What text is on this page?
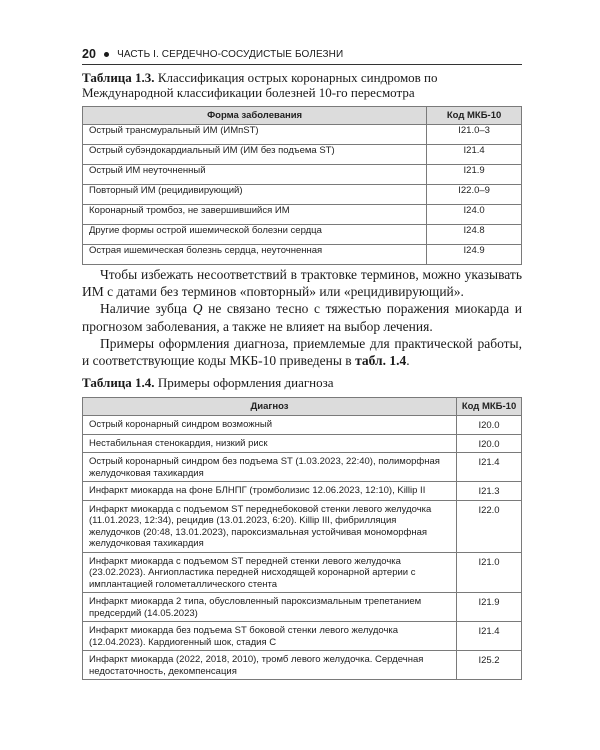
20 ЧАСТЬ I. СЕРДЕЧНО-СОСУДИСТЫЕ БОЛЕЗНИ
Таблица 1.3. Классификация острых коронарных синдромов по Международной классификации болезней 10-го пересмотра
Форма заболевания	Код МКБ-10
Острый трансмуральный ИМ (ИМпST)	I21.0–3
Острый субэндокардиальный ИМ (ИМ без подъема ST)	I21.4
Острый ИМ неуточненный	I21.9
Повторный ИМ (рецидивирующий)	I22.0–9
Коронарный тромбоз, не завершившийся ИМ	I24.0
Другие формы острой ишемической болезни сердца	I24.8
Острая ишемическая болезнь сердца, неуточненная	I24.9

Чтобы избежать несоответствий в трактовке терминов, можно указывать ИМ с датами без терминов «повторный» или «рецидивирующий».

Наличие зубца Q не связано тесно с тяжестью поражения миокарда и прогнозом заболевания, а также не влияет на выбор лечения.

Примеры оформления диагноза, приемлемые для практической работы, и соответствующие коды МКБ-10 приведены в табл. 1.4.

Таблица 1.4. Примеры оформления диагноза
Диагноз	Код МКБ-10
Острый коронарный синдром возможный	I20.0
Нестабильная стенокардия, низкий риск	I20.0
Острый коронарный синдром без подъема ST (1.03.2023, 22:40), полиморфная желудочковая тахикардия	I21.4
Инфаркт миокарда на фоне БЛНПГ (тромболизис 12.06.2023, 12:10), Killip II	I21.3
Инфаркт миокарда с подъемом ST переднебоковой стенки левого желудочка (11.01.2023, 12:34), рецидив (13.01.2023, 6:20). Killip III, фибрилляция желудочков (20:48, 13.01.2023), пароксизмальная устойчивая мономорфная желудочковая тахикардия	I22.0
Инфаркт миокарда с подъемом ST передней стенки левого желудочка (23.02.2023). Ангиопластика передней нисходящей коронарной артерии с имплантацией голометаллического стента	I21.0
Инфаркт миокарда 2 типа, обусловленный пароксизмальным трепетанием предсердий (14.05.2023)	I21.9
Инфаркт миокарда без подъема ST боковой стенки левого желудочка (12.04.2023). Кардиогенный шок, стадия C	I21.4
Инфаркт миокарда (2022, 2018, 2010), тромб левого желудочка. Сердечная недостаточность, декомпенсация	I25.2
